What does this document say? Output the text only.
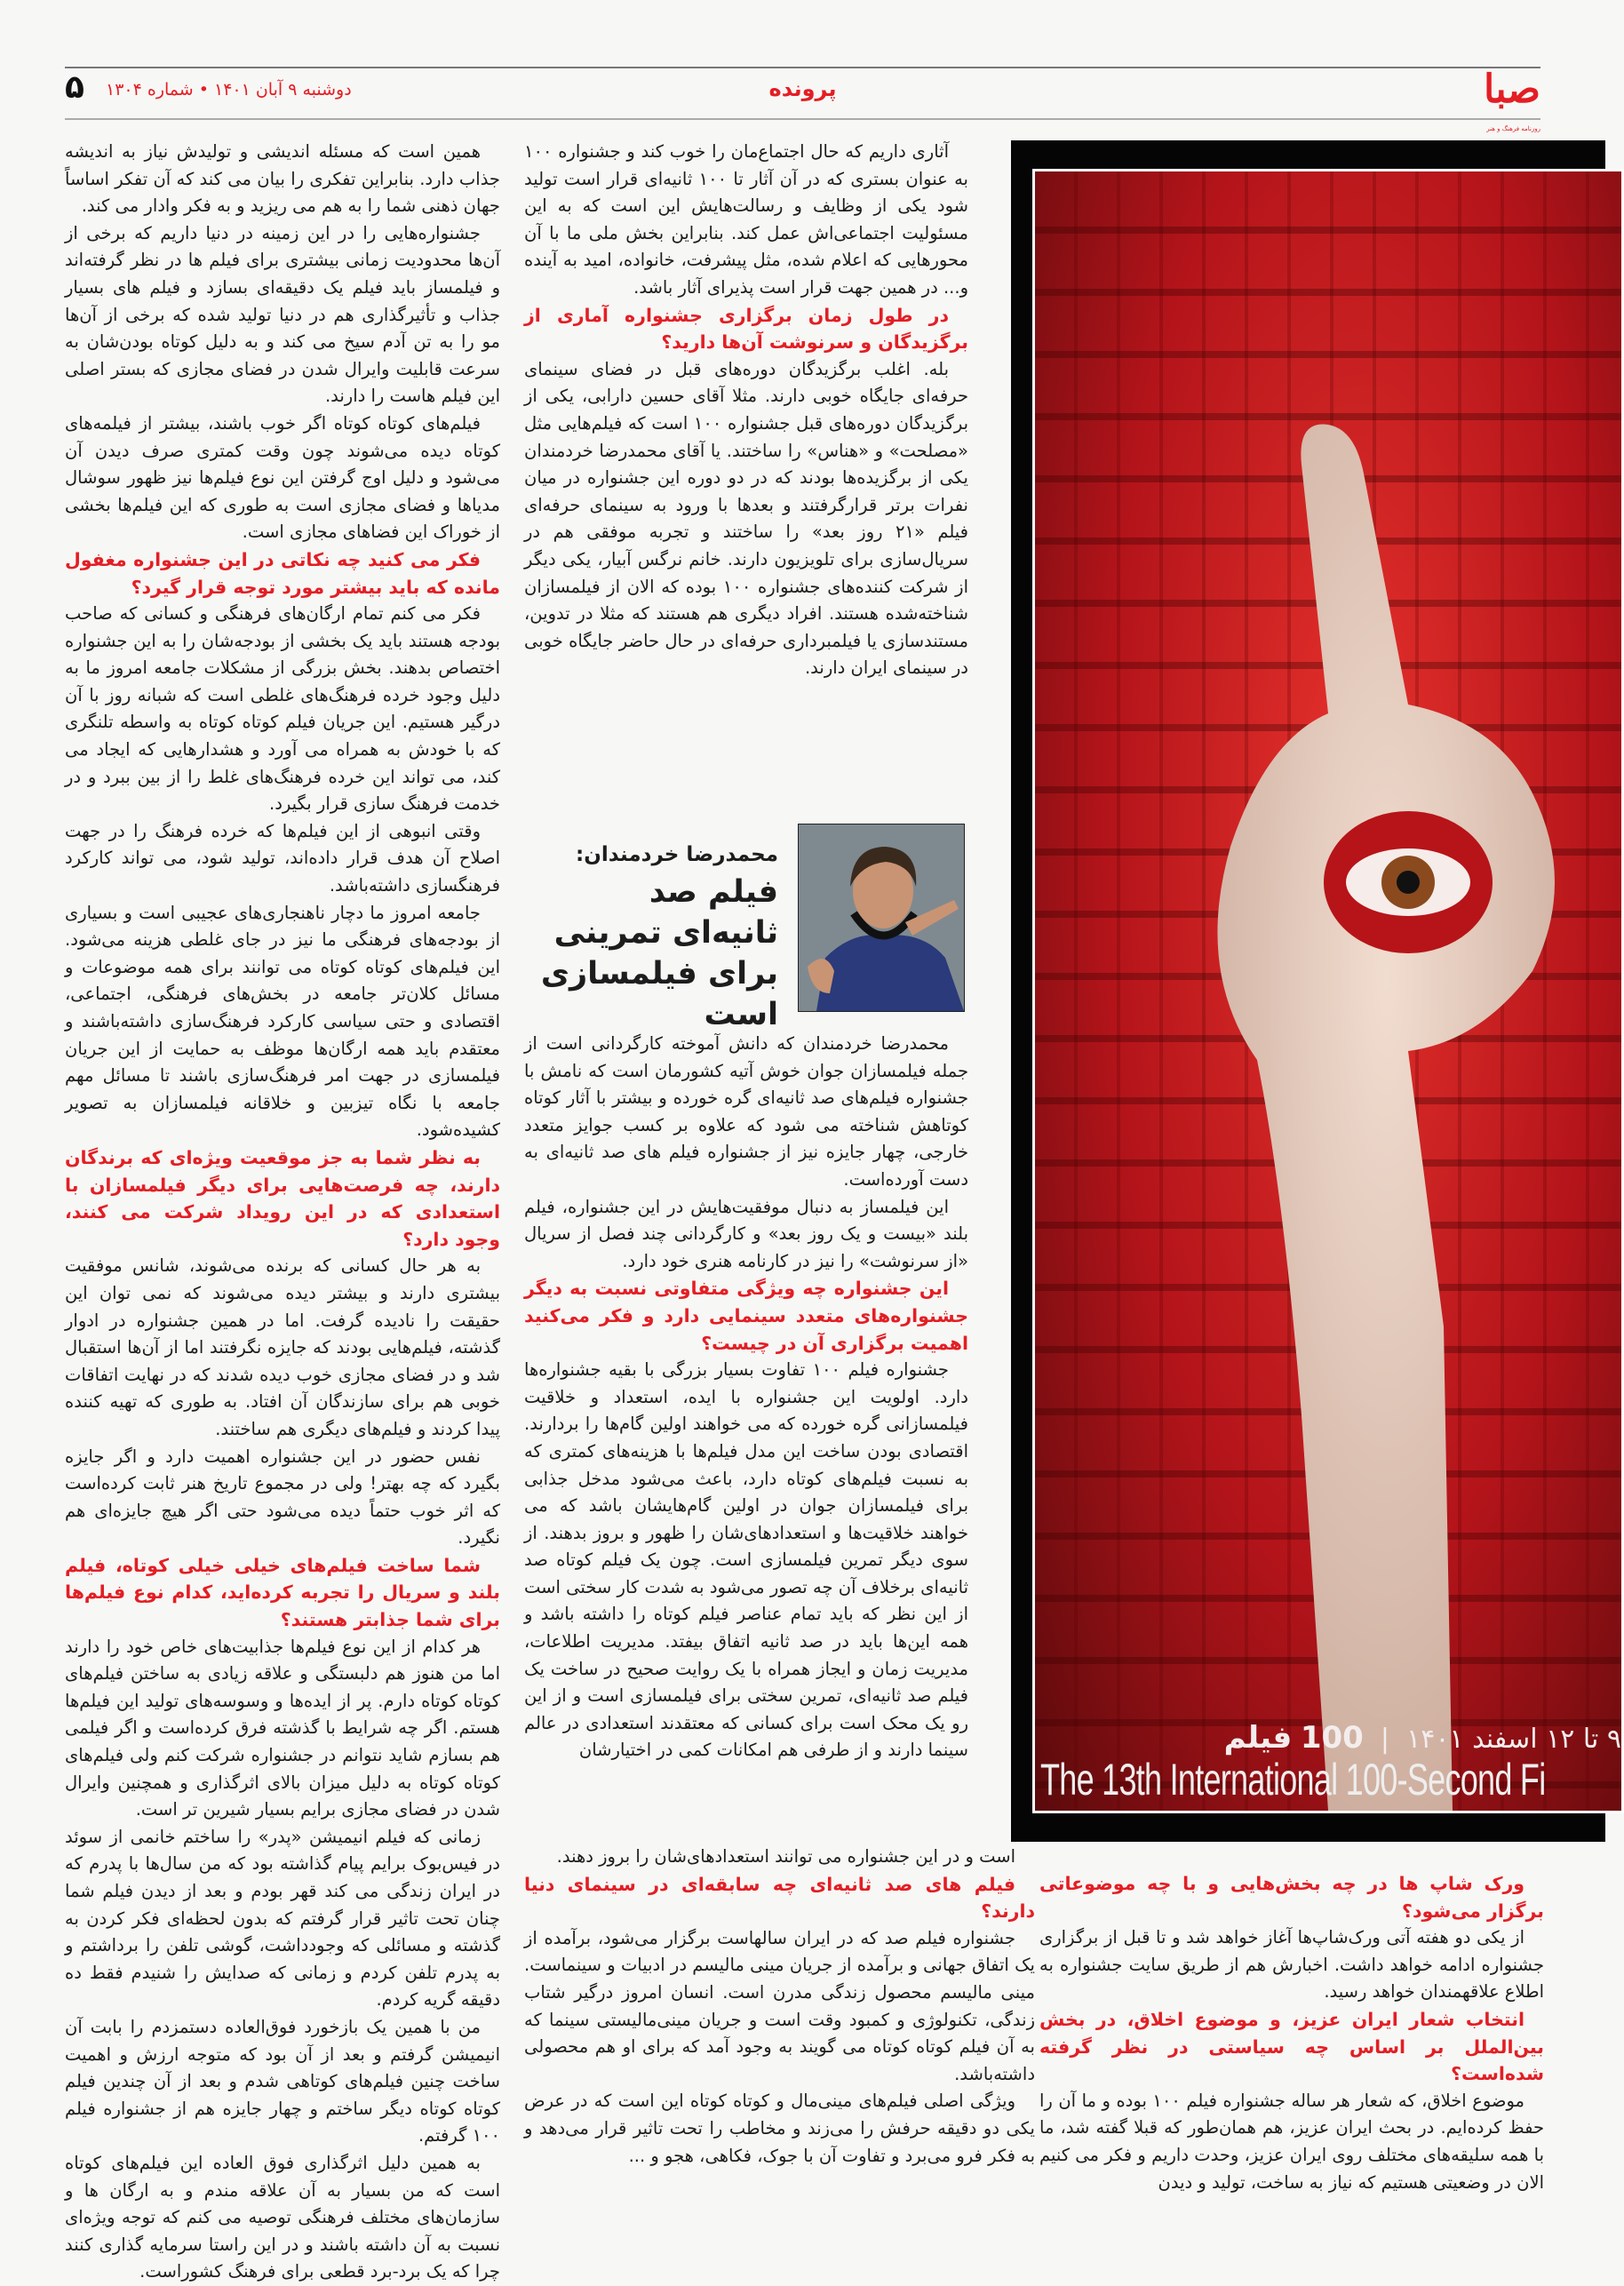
صبا
روزنامه فرهنگ و هنر
پرونده
دوشنبه ۹ آبان ۱۴۰۱ • شماره ۱۳۰۴
۵

همین است که مسئله اندیشی و تولیدش نیاز به اندیشه جذاب دارد. بنابراین تفکری را بیان می کند که آن تفکر اساساً جهان ذهنی شما را به هم می ریزید و به فکر وادار می کند.

جشنواره‌هایی را در این زمینه در دنیا داریم که برخی از آن‌ها محدودیت زمانی بیشتری برای فیلم ها در نظر گرفته‌اند و فیلمساز باید فیلم یک دقیقه‌ای بسازد و فیلم های بسیار جذاب و تأثیرگذاری هم در دنیا تولید شده که برخی از آن‌ها مو را به تن آدم سیخ می کند و به دلیل کوتاه بودن‌شان به سرعت قابلیت وایرال شدن در فضای مجازی که بستر اصلی این فیلم هاست را دارند.

فیلم‌های کوتاه کوتاه اگر خوب باشند، بیشتر از فیلمه‌های کوتاه دیده می‌شوند چون وقت کمتری صرف دیدن آن می‌شود و دلیل اوج گرفتن این نوع فیلم‌ها نیز ظهور سوشال مدیاها و فضای مجازی است به طوری که این فیلم‌ها بخشی از خوراک این فضاهای مجازی است.

فکر می کنید چه نکاتی در این جشنواره مغفول مانده که باید بیشتر مورد توجه قرار گیرد؟

فکر می کنم تمام ارگان‌های فرهنگی و کسانی که صاحب بودجه هستند باید یک بخشی از بودجه‌شان را به این جشنواره اختصاص بدهند. بخش بزرگی از مشکلات جامعه امروز ما به دلیل وجود خرده فرهنگ‌های غلطی است که شبانه روز با آن درگیر هستیم. این جریان فیلم کوتاه کوتاه به واسطه تلنگری که با خودش به همراه می آورد و هشدارهایی که ایجاد می کند، می تواند این خرده فرهنگ‌های غلط را از بین ببرد و در خدمت فرهنگ سازی قرار بگیرد.

وقتی انبوهی از این فیلم‌ها که خرده فرهنگ را در جهت اصلاح آن هدف قرار داده‌اند، تولید شود، می تواند کارکرد فرهنگسازی داشته‌باشد.

جامعه امروز ما دچار ناهنجاری‌های عجیبی است و بسیاری از بودجه‌های فرهنگی ما نیز در جای غلطی هزینه می‌شود. این فیلم‌های کوتاه کوتاه می توانند برای همه موضوعات و مسائل کلان‌تر جامعه در بخش‌های فرهنگی، اجتماعی، اقتصادی و حتی سیاسی کارکرد فرهنگ‌سازی داشته‌باشند و معتقدم باید همه ارگان‌ها موظف به حمایت از این جریان فیلمسازی در جهت امر فرهنگ‌سازی باشند تا مسائل مهم جامعه با نگاه تیزبین و خلاقانه فیلمسازان به تصویر کشیده‌شود.

به نظر شما به جز موقعیت ویژه‌ای که برندگان دارند، چه فرصت‌هایی برای دیگر فیلمسازان با استعدادی که در این رویداد شرکت می کنند، وجود دارد؟

به هر حال کسانی که برنده می‌شوند، شانس موفقیت بیشتری دارند و بیشتر دیده می‌شوند که نمی توان این حقیقت را نادیده گرفت. اما در همین جشنواره در ادوار گذشته، فیلم‌هایی بودند که جایزه نگرفتند اما از آن‌ها استقبال شد و در فضای مجازی خوب دیده شدند که در نهایت اتفاقات خوبی هم برای سازندگان آن افتاد. به طوری که تهیه کننده پیدا کردند و فیلم‌های دیگری هم ساختند.

نفس حضور در این جشنواره اهمیت دارد و اگر جایزه بگیرد که چه بهتر! ولی در مجموع تاریخ هنر ثابت کرده‌است که اثر خوب حتماً دیده می‌شود حتی اگر هیچ جایزه‌ای هم نگیرد.

شما ساخت فیلم‌های خیلی خیلی کوتاه، فیلم بلند و سریال را تجربه کرده‌اید، کدام نوع فیلم‌ها برای شما جذابتر هستند؟

هر کدام از این نوع فیلم‌ها جذابیت‌های خاص خود را دارند اما من هنوز هم دلبستگی و علاقه زیادی به ساختن فیلم‌های کوتاه کوتاه دارم. پر از ایده‌ها و وسوسه‌های تولید این فیلم‌ها هستم. اگر چه شرایط با گذشته فرق کرده‌است و اگر فیلمی هم بسازم شاید نتوانم در جشنواره شرکت کنم ولی فیلم‌های کوتاه کوتاه به دلیل میزان بالای اثرگذاری و همچنین وایرال شدن در فضای مجازی برایم بسیار شیرین تر است.

زمانی که فیلم انیمیشن «پدر» را ساختم خانمی از سوئد در فیس‌بوک برایم پیام گذاشته بود که من سال‌ها با پدرم که در ایران زندگی می کند قهر بودم و بعد از دیدن فیلم شما چنان تحت تاثیر قرار گرفتم که بدون لحظه‌ای فکر کردن به گذشته و مسائلی که وجودداشت، گوشی تلفن را برداشتم و به پدرم تلفن کردم و زمانی که صدایش را شنیدم فقط ده دقیقه گریه کردم.

من با همین یک بازخورد فوق‌العاده دستمزدم را بابت آن انیمیشن گرفتم و بعد از آن بود که متوجه ارزش و اهمیت ساخت چنین فیلم‌های کوتاهی شدم و بعد از آن چندین فیلم کوتاه کوتاه دیگر ساختم و چهار جایزه هم از جشنواره فیلم ۱۰۰ گرفتم.

به همین دلیل اثرگذاری فوق العاده این فیلم‌های کوتاه است که من بسیار به آن علاقه مندم و به ارگان ها و سازمان‌های مختلف فرهنگی توصیه می کنم که توجه ویژه‌ای نسبت به آن داشته باشند و در این راستا سرمایه گذاری کنند چرا که یک برد-برد قطعی برای فرهنگ کشوراست.

آثاری داریم که حال اجتماع‌مان را خوب کند و جشنواره ۱۰۰ به عنوان بستری که در آن آثار تا ۱۰۰ ثانیه‌ای قرار است تولید شود یکی از وظایف و رسالت‌هایش این است که به این مسئولیت اجتماعی‌اش عمل کند. بنابراین بخش ملی ما با آن محورهایی که اعلام شده، مثل پیشرفت، خانواده، امید به آینده و... در همین جهت قرار است پذیرای آثار باشد.

در طول زمان برگزاری جشنواره آماری از برگزیدگان و سرنوشت آن‌ها دارید؟

بله. اغلب برگزیدگان دوره‌های قبل در فضای سینمای حرفه‌ای جایگاه خوبی دارند. مثلا آقای حسین دارابی، یکی از برگزیدگان دوره‌های قبل جشنواره ۱۰۰ است که فیلم‌هایی مثل «مصلحت» و «هناس» را ساختند. یا آقای محمدرضا خردمندان یکی از برگزیده‌ها بودند که در دو دوره این جشنواره در میان نفرات برتر قرارگرفتند و بعدها با ورود به سینمای حرفه‌ای فیلم «۲۱ روز بعد» را ساختند و تجربه موفقی هم در سریال‌سازی برای تلویزیون دارند. خانم نرگس آبیار، یکی دیگر از شرکت کننده‌های جشنواره ۱۰۰ بوده که الان از فیلمسازان شناخته‌شده هستند. افراد دیگری هم هستند که مثلا در تدوین، مستندسازی یا فیلمبرداری حرفه‌ای در حال حاضر جایگاه خوبی در سینمای ایران دارند.

محمدرضا خردمندان:
فیلم صد ثانیه‌ای تمرینی برای فیلمسازی است

محمدرضا خردمندان که دانش آموخته کارگردانی است از جمله فیلمسازان جوان خوش آتیه کشورمان است که نامش با جشنواره فیلم‌های صد ثانیه‌ای گره خورده و بیشتر با آثار کوتاه کوتاهش شناخته می شود که علاوه بر کسب جوایز متعدد خارجی، چهار جایزه نیز از جشنواره فیلم های صد ثانیه‌ای به دست آورده‌است.

این فیلمساز به دنبال موفقیت‌هایش در این جشنواره، فیلم بلند «بیست و یک روز بعد» و کارگردانی چند فصل از سریال «از سرنوشت» را نیز در کارنامه هنری خود دارد.

این جشنواره چه ویژگی متفاوتی نسبت به دیگر جشنواره‌های متعدد سینمایی دارد و فکر می‌کنید اهمیت برگزاری آن در چیست؟

جشنواره فیلم ۱۰۰ تفاوت بسیار بزرگی با بقیه جشنواره‌ها دارد. اولویت این جشنواره با ایده، استعداد و خلاقیت فیلمسازانی گره خورده که می خواهند اولین گام‌ها را بردارند. اقتصادی بودن ساخت این مدل فیلم‌ها با هزینه‌های کمتری که به نسبت فیلم‌های کوتاه دارد، باعث می‌شود مدخل جذابی برای فیلمسازان جوان در اولین گام‌هایشان باشد که می خواهند خلاقیت‌ها و استعدادهای‌شان را ظهور و بروز بدهند. از سوی دیگر تمرین فیلمسازی است. چون یک فیلم کوتاه صد ثانیه‌ای برخلاف آن چه تصور می‌شود به شدت کار سختی است از این نظر که باید تمام عناصر فیلم کوتاه را داشته باشد و همه این‌ها باید در صد ثانیه اتفاق بیفتد. مدیریت اطلاعات، مدیریت زمان و ایجاز همراه با یک روایت صحیح در ساخت یک فیلم صد ثانیه‌ای، تمرین سختی برای فیلمسازی است و از این رو یک محک است برای کسانی که معتقدند استعدادی در عالم سینما دارند و از طرفی هم امکانات کمی در اختیارشان

است و در این جشنواره می توانند استعدادهای‌شان را بروز دهند.

فیلم های صد ثانیه‌ای چه سابقه‌ای در سینمای دنیا دارند؟

جشنواره فیلم صد که در ایران سالهاست برگزار می‌شود، برآمده از یک اتفاق جهانی و برآمده از جریان مینی مالیسم در ادبیات و سینماست. مینی مالیسم محصول زندگی مدرن است. انسان امروز درگیر شتاب زندگی، تکنولوژی و کمبود وقت است و جریان مینی‌مالیستی سینما که به آن فیلم کوتاه کوتاه می گویند به وجود آمد که برای او هم محصولی داشته‌باشد.

ویژگی اصلی فیلم‌های مینی‌مال و کوتاه کوتاه این است که در عرض یکی دو دقیقه حرفش را می‌زند و مخاطب را تحت تاثیر قرار می‌دهد و به فکر فرو می‌برد و تفاوت آن با جوک، فکاهی، هجو و ...

۹ تا ۱۲ اسفند ۱۴۰۱  |  100 فیلم
The 13th International 100-Second Fi

ورک شاپ ها در چه بخش‌هایی و با چه موضوعاتی برگزار می‌شود؟

از یکی دو هفته آتی ورک‌شاپ‌ها آغاز خواهد شد و تا قبل از برگزاری جشنواره ادامه خواهد داشت. اخبارش هم از طریق سایت جشنواره به اطلاع علاقهمندان خواهد رسید.

انتخاب شعار ایران عزیز، و موضوع اخلاق، در بخش بین‌الملل بر اساس چه سیاستی در نظر گرفته شده‌است؟

موضوع اخلاق، که شعار هر ساله جشنواره فیلم ۱۰۰ بوده و ما آن را حفظ کرده‌ایم. در بحث ایران عزیز، هم همان‌طور که قبلا گفته شد، ما با همه سلیقه‌های مختلف روی ایران عزیز، وحدت داریم و فکر می کنیم الان در وضعیتی هستیم که نیاز به ساخت، تولید و دیدن
